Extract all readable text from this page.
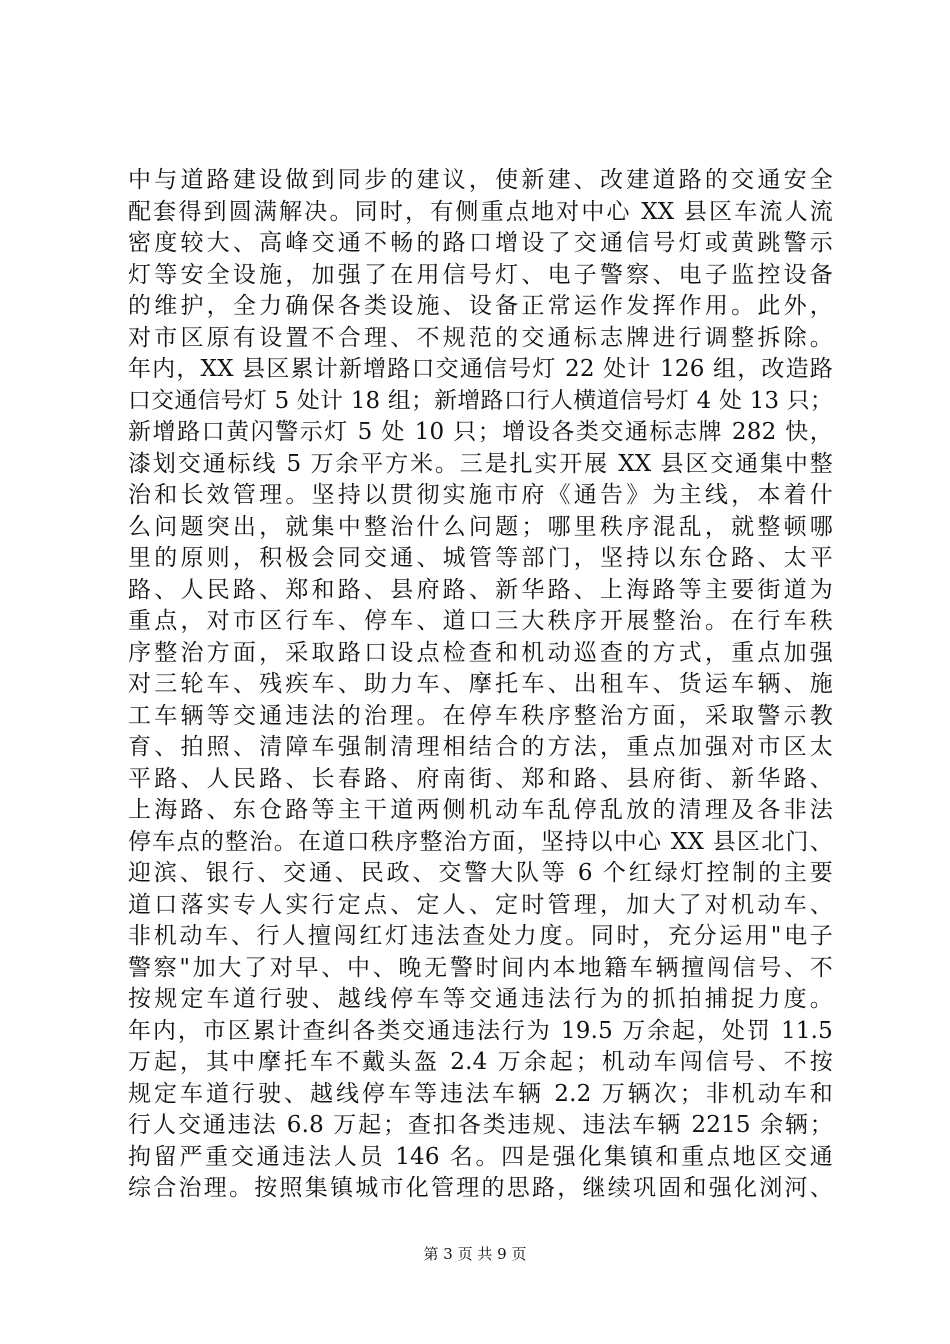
中与道路建设做到同步的建议，使新建、改建道路的交通安全
配套得到圆满解决。同时，有侧重点地对中心 XX 县区车流人流
密度较大、高峰交通不畅的路口增设了交通信号灯或黄跳警示
灯等安全设施，加强了在用信号灯、电子警察、电子监控设备
的维护，全力确保各类设施、设备正常运作发挥作用。此外，
对市区原有设置不合理、不规范的交通标志牌进行调整拆除。
年内，XX 县区累计新增路口交通信号灯 22 处计 126 组，改造路
口交通信号灯 5 处计 18 组；新增路口行人横道信号灯 4 处 13 只；
新增路口黄闪警示灯 5 处 10 只；增设各类交通标志牌 282 快，
漆划交通标线 5 万余平方米。三是扎实开展 XX 县区交通集中整
治和长效管理。坚持以贯彻实施市府《通告》为主线，本着什
么问题突出，就集中整治什么问题；哪里秩序混乱，就整顿哪
里的原则，积极会同交通、城管等部门，坚持以东仓路、太平
路、人民路、郑和路、县府路、新华路、上海路等主要街道为
重点，对市区行车、停车、道口三大秩序开展整治。在行车秩
序整治方面，采取路口设点检查和机动巡查的方式，重点加强
对三轮车、残疾车、助力车、摩托车、出租车、货运车辆、施
工车辆等交通违法的治理。在停车秩序整治方面，采取警示教
育、拍照、清障车强制清理相结合的方法，重点加强对市区太
平路、人民路、长春路、府南街、郑和路、县府街、新华路、
上海路、东仓路等主干道两侧机动车乱停乱放的清理及各非法
停车点的整治。在道口秩序整治方面，坚持以中心 XX 县区北门、
迎滨、银行、交通、民政、交警大队等 6 个红绿灯控制的主要
道口落实专人实行定点、定人、定时管理，加大了对机动车、
非机动车、行人擅闯红灯违法查处力度。同时，充分运用"电子
警察"加大了对早、中、晚无警时间内本地籍车辆擅闯信号、不
按规定车道行驶、越线停车等交通违法行为的抓拍捕捉力度。
年内，市区累计查纠各类交通违法行为 19.5 万余起，处罚 11.5
万起，其中摩托车不戴头盔 2.4 万余起；机动车闯信号、不按
规定车道行驶、越线停车等违法车辆 2.2 万辆次；非机动车和
行人交通违法 6.8 万起；查扣各类违规、违法车辆 2215 余辆；
拘留严重交通违法人员 146 名。四是强化集镇和重点地区交通
综合治理。按照集镇城市化管理的思路，继续巩固和强化浏河、
第 3 页 共 9 页
